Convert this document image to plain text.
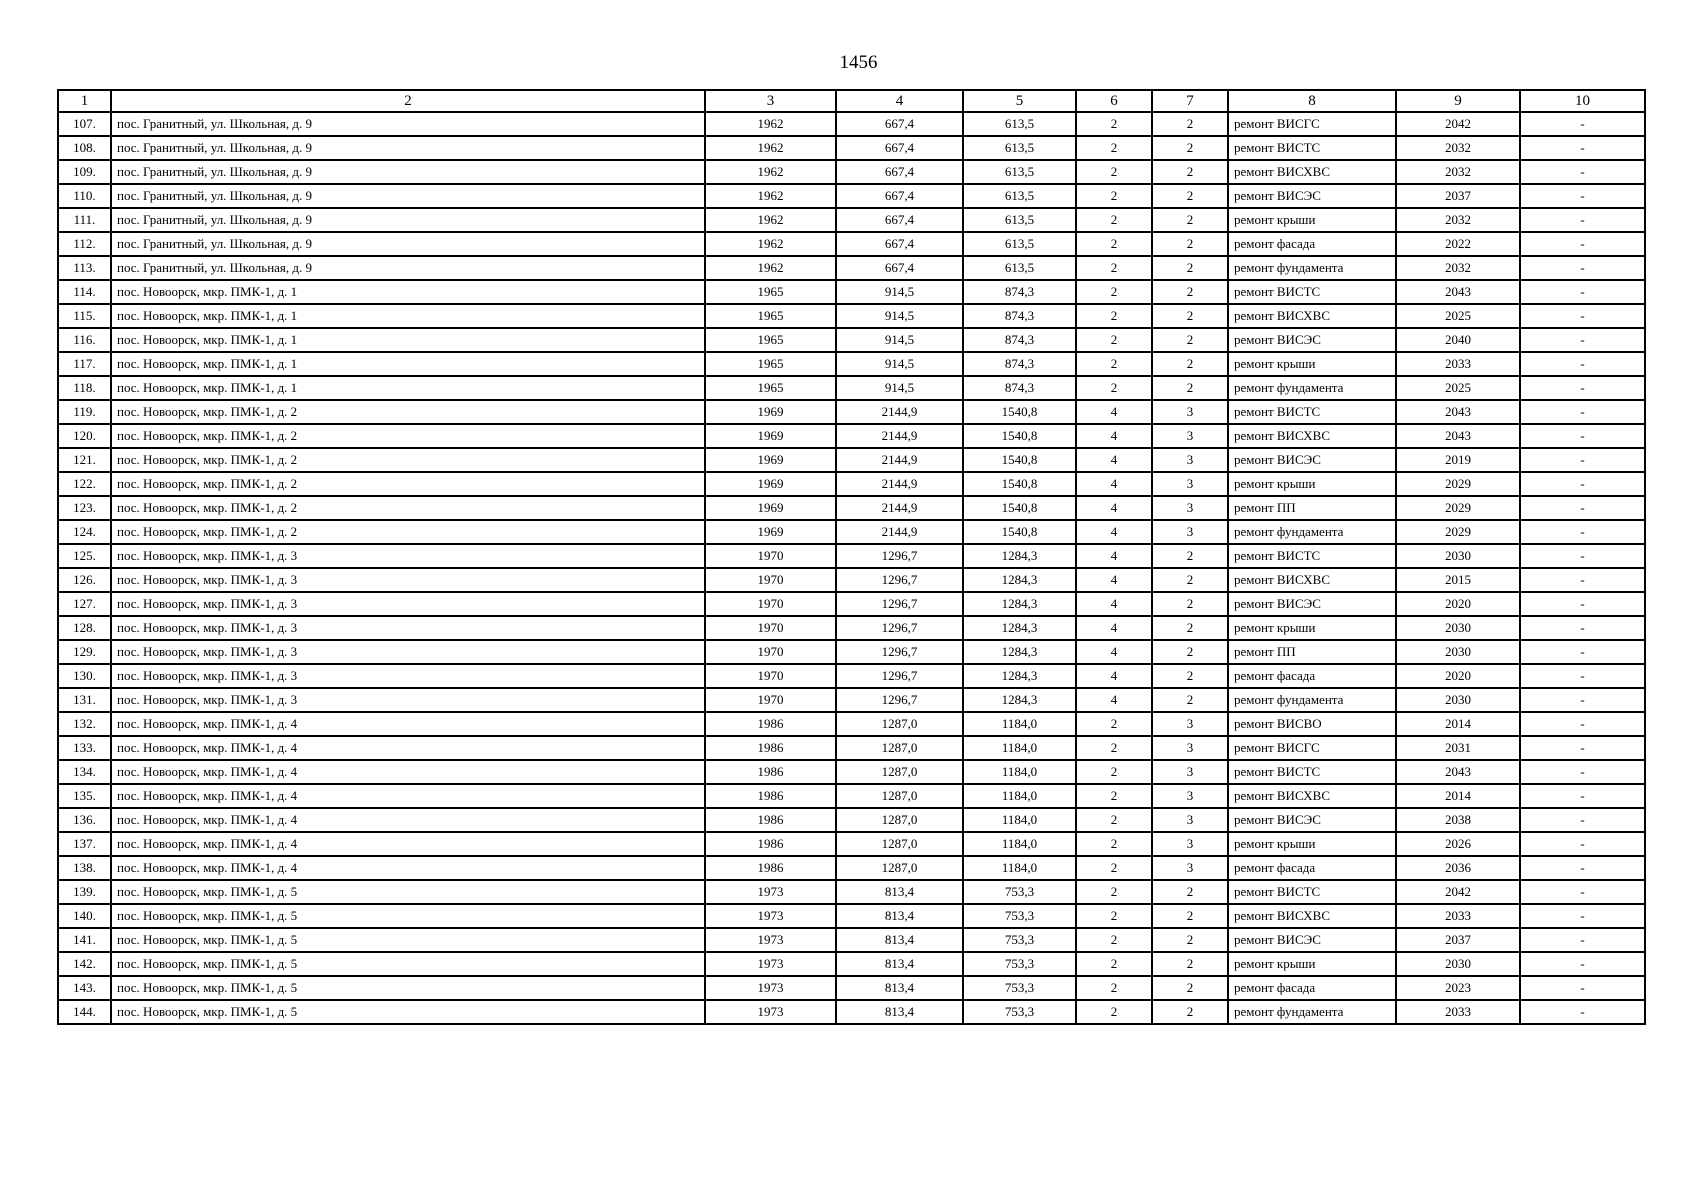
1456
1	2	3	4	5	6	7	8	9	10
107.	пос. Гранитный, ул. Школьная, д. 9	1962	667,4	613,5	2	2	ремонт ВИСГС	2042	-
108.	пос. Гранитный, ул. Школьная, д. 9	1962	667,4	613,5	2	2	ремонт ВИСТС	2032	-
109.	пос. Гранитный, ул. Школьная, д. 9	1962	667,4	613,5	2	2	ремонт ВИСХВС	2032	-
110.	пос. Гранитный, ул. Школьная, д. 9	1962	667,4	613,5	2	2	ремонт ВИСЭС	2037	-
111.	пос. Гранитный, ул. Школьная, д. 9	1962	667,4	613,5	2	2	ремонт крыши	2032	-
112.	пос. Гранитный, ул. Школьная, д. 9	1962	667,4	613,5	2	2	ремонт фасада	2022	-
113.	пос. Гранитный, ул. Школьная, д. 9	1962	667,4	613,5	2	2	ремонт фундамента	2032	-
114.	пос. Новоорск, мкр. ПМК-1, д. 1	1965	914,5	874,3	2	2	ремонт ВИСТС	2043	-
115.	пос. Новоорск, мкр. ПМК-1, д. 1	1965	914,5	874,3	2	2	ремонт ВИСХВС	2025	-
116.	пос. Новоорск, мкр. ПМК-1, д. 1	1965	914,5	874,3	2	2	ремонт ВИСЭС	2040	-
117.	пос. Новоорск, мкр. ПМК-1, д. 1	1965	914,5	874,3	2	2	ремонт крыши	2033	-
118.	пос. Новоорск, мкр. ПМК-1, д. 1	1965	914,5	874,3	2	2	ремонт фундамента	2025	-
119.	пос. Новоорск, мкр. ПМК-1, д. 2	1969	2144,9	1540,8	4	3	ремонт ВИСТС	2043	-
120.	пос. Новоорск, мкр. ПМК-1, д. 2	1969	2144,9	1540,8	4	3	ремонт ВИСХВС	2043	-
121.	пос. Новоорск, мкр. ПМК-1, д. 2	1969	2144,9	1540,8	4	3	ремонт ВИСЭС	2019	-
122.	пос. Новоорск, мкр. ПМК-1, д. 2	1969	2144,9	1540,8	4	3	ремонт крыши	2029	-
123.	пос. Новоорск, мкр. ПМК-1, д. 2	1969	2144,9	1540,8	4	3	ремонт ПП	2029	-
124.	пос. Новоорск, мкр. ПМК-1, д. 2	1969	2144,9	1540,8	4	3	ремонт фундамента	2029	-
125.	пос. Новоорск, мкр. ПМК-1, д. 3	1970	1296,7	1284,3	4	2	ремонт ВИСТС	2030	-
126.	пос. Новоорск, мкр. ПМК-1, д. 3	1970	1296,7	1284,3	4	2	ремонт ВИСХВС	2015	-
127.	пос. Новоорск, мкр. ПМК-1, д. 3	1970	1296,7	1284,3	4	2	ремонт ВИСЭС	2020	-
128.	пос. Новоорск, мкр. ПМК-1, д. 3	1970	1296,7	1284,3	4	2	ремонт крыши	2030	-
129.	пос. Новоорск, мкр. ПМК-1, д. 3	1970	1296,7	1284,3	4	2	ремонт ПП	2030	-
130.	пос. Новоорск, мкр. ПМК-1, д. 3	1970	1296,7	1284,3	4	2	ремонт фасада	2020	-
131.	пос. Новоорск, мкр. ПМК-1, д. 3	1970	1296,7	1284,3	4	2	ремонт фундамента	2030	-
132.	пос. Новоорск, мкр. ПМК-1, д. 4	1986	1287,0	1184,0	2	3	ремонт ВИСВО	2014	-
133.	пос. Новоорск, мкр. ПМК-1, д. 4	1986	1287,0	1184,0	2	3	ремонт ВИСГС	2031	-
134.	пос. Новоорск, мкр. ПМК-1, д. 4	1986	1287,0	1184,0	2	3	ремонт ВИСТС	2043	-
135.	пос. Новоорск, мкр. ПМК-1, д. 4	1986	1287,0	1184,0	2	3	ремонт ВИСХВС	2014	-
136.	пос. Новоорск, мкр. ПМК-1, д. 4	1986	1287,0	1184,0	2	3	ремонт ВИСЭС	2038	-
137.	пос. Новоорск, мкр. ПМК-1, д. 4	1986	1287,0	1184,0	2	3	ремонт крыши	2026	-
138.	пос. Новоорск, мкр. ПМК-1, д. 4	1986	1287,0	1184,0	2	3	ремонт фасада	2036	-
139.	пос. Новоорск, мкр. ПМК-1, д. 5	1973	813,4	753,3	2	2	ремонт ВИСТС	2042	-
140.	пос. Новоорск, мкр. ПМК-1, д. 5	1973	813,4	753,3	2	2	ремонт ВИСХВС	2033	-
141.	пос. Новоорск, мкр. ПМК-1, д. 5	1973	813,4	753,3	2	2	ремонт ВИСЭС	2037	-
142.	пос. Новоорск, мкр. ПМК-1, д. 5	1973	813,4	753,3	2	2	ремонт крыши	2030	-
143.	пос. Новоорск, мкр. ПМК-1, д. 5	1973	813,4	753,3	2	2	ремонт фасада	2023	-
144.	пос. Новоорск, мкр. ПМК-1, д. 5	1973	813,4	753,3	2	2	ремонт фундамента	2033	-
